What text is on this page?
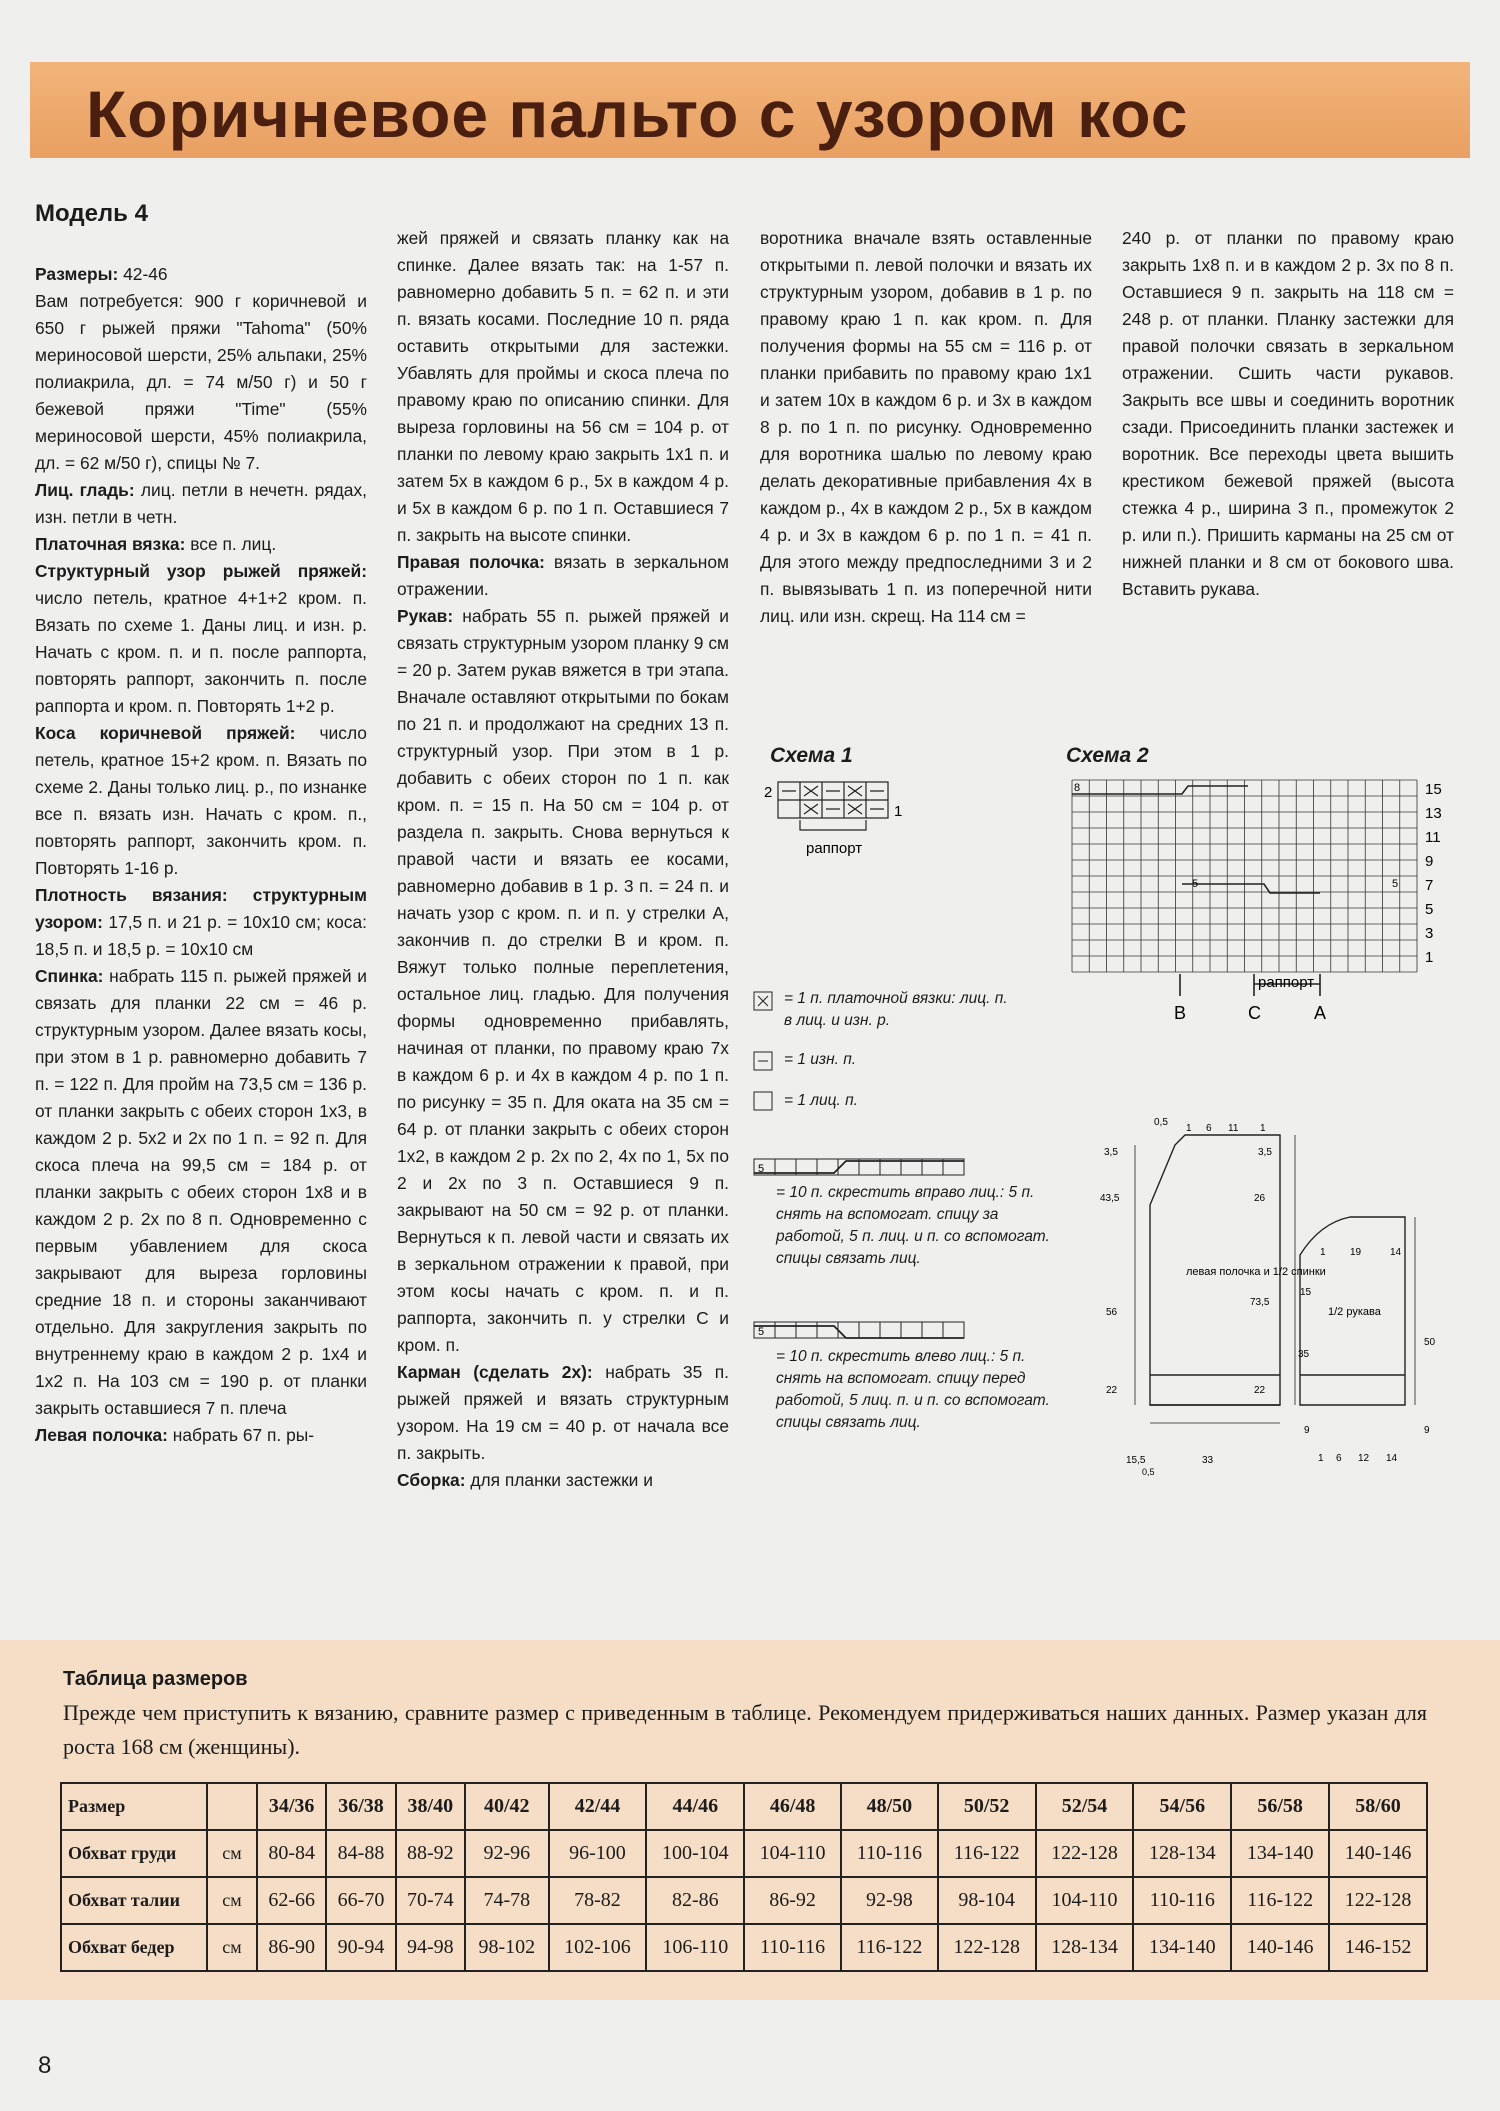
Коричневое пальто с узором кос

Модель 4

Размеры: 42-46

Вам потребуется: 900 г коричневой и 650 г рыжей пряжи "Tahoma" (50% мериносовой шерсти, 25% альпаки, 25% полиакрила, дл. = 74 м/50 г) и 50 г бежевой пряжи "Time" (55% мериносовой шерсти, 45% полиакрила, дл. = 62 м/50 г), спицы № 7.

Лиц. гладь: лиц. петли в нечетн. рядах, изн. петли в четн.

Платочная вязка: все п. лиц.

Структурный узор рыжей пряжей: число петель, кратное 4+1+2 кром. п. Вязать по схеме 1. Даны лиц. и изн. р. Начать с кром. п. и п. после раппорта, повторять раппорт, закончить п. после раппорта и кром. п. Повторять 1+2 р.

Коса коричневой пряжей: число петель, кратное 15+2 кром. п. Вязать по схеме 2. Даны только лиц. р., по изнанке все п. вязать изн. Начать с кром. п., повторять раппорт, закончить кром. п. Повторять 1-16 р.

Плотность вязания: структурным узором: 17,5 п. и 21 р. = 10x10 см; коса: 18,5 п. и 18,5 р. = 10x10 см

Спинка: набрать 115 п. рыжей пряжей и связать для планки 22 см = 46 р. структурным узором. Далее вязать косы, при этом в 1 р. равномерно добавить 7 п. = 122 п. Для пройм на 73,5 см = 136 р. от планки закрыть с обеих сторон 1x3, в каждом 2 р. 5x2 и 2x по 1 п. = 92 п. Для скоса плеча на 99,5 см = 184 р. от планки закрыть с обеих сторон 1x8 и в каждом 2 р. 2x по 8 п. Одновременно с первым убавлением для скоса закрывают для выреза горловины средние 18 п. и стороны заканчивают отдельно. Для закругления закрыть по внутреннему краю в каждом 2 р. 1x4 и 1x2 п. На 103 см = 190 р. от планки закрыть оставшиеся 7 п. плеча

Левая полочка: набрать 67 п. ры-

жей пряжей и связать планку как на спинке. Далее вязать так: на 1-57 п. равномерно добавить 5 п. = 62 п. и эти п. вязать косами. Последние 10 п. ряда оставить открытыми для застежки. Убавлять для проймы и скоса плеча по правому краю по описанию спинки. Для выреза горловины на 56 см = 104 р. от планки по левому краю закрыть 1x1 п. и затем 5x в каждом 6 р., 5x в каждом 4 р. и 5x в каждом 6 р. по 1 п. Оставшиеся 7 п. закрыть на высоте спинки.

Правая полочка: вязать в зеркальном отражении.

Рукав: набрать 55 п. рыжей пряжей и связать структурным узором планку 9 см = 20 р. Затем рукав вяжется в три этапа. Вначале оставляют открытыми по бокам по 21 п. и продолжают на средних 13 п. структурный узор. При этом в 1 р. добавить с обеих сторон по 1 п. как кром. п. = 15 п. На 50 см = 104 р. от раздела п. закрыть. Снова вернуться к правой части и вязать ее косами, равномерно добавив в 1 р. 3 п. = 24 п. и начать узор с кром. п. и п. у стрелки А, закончив п. до стрелки В и кром. п. Вяжут только полные переплетения, остальное лиц. гладью. Для получения формы одновременно прибавлять, начиная от планки, по правому краю 7x в каждом 6 р. и 4x в каждом 4 р. по 1 п. по рисунку = 35 п. Для оката на 35 см = 64 р. от планки закрыть с обеих сторон 1x2, в каждом 2 р. 2x по 2, 4x по 1, 5x по 2 и 2x по 3 п. Оставшиеся 9 п. закрывают на 50 см = 92 р. от планки. Вернуться к п. левой части и связать их в зеркальном отражении к правой, при этом косы начать с кром. п. и п. раппорта, закончить п. у стрелки С и кром. п.

Карман (сделать 2x): набрать 35 п. рыжей пряжей и вязать структурным узором. На 19 см = 40 р. от начала все п. закрыть.

Сборка: для планки застежки и

воротника вначале взять оставленные открытыми п. левой полочки и вязать их структурным узором, добавив в 1 р. по правому краю 1 п. как кром. п. Для получения формы на 55 см = 116 р. от планки прибавить по правому краю 1x1 и затем 10x в каждом 6 р. и 3x в каждом 8 р. по 1 п. по рисунку. Одновременно для воротника шалью по левому краю делать декоративные прибавления 4x в каждом р., 4x в каждом 2 р., 5x в каждом 4 р. и 3x в каждом 6 р. по 1 п. = 41 п. Для этого между предпоследними 3 и 2 п. вывязывать 1 п. из поперечной нити лиц. или изн. скрещ. На 114 см =

240 р. от планки по правому краю закрыть 1x8 п. и в каждом 2 р. 3x по 8 п. Оставшиеся 9 п. закрыть на 118 см = 248 р. от планки. Планку застежки для правой полочки связать в зеркальном отражении. Сшить части рукавов. Закрыть все швы и соединить воротник сзади. Присоединить планки застежек и воротник. Все переходы цвета вышить крестиком бежевой пряжей (высота стежка 4 р., ширина 3 п., промежуток 2 р. или п.). Пришить карманы на 25 см от нижней планки и 8 см от бокового шва. Вставить рукава.

Схема 1
2
1
раппорт
Схема 2
8
5	5
15
13
11
9
7
5
3
1
раппорт
B	C	A
= 1 п. платочной вязки: лиц. п. в лиц. и изн. р.
= 1 изн. п.
= 1 лиц. п.
5
= 10 п. скрестить вправо лиц.: 5 п. снять на вспомогат. спицу за работой, 5 п. лиц. и п. со вспомогат. спицы связать лиц.
5
= 10 п. скрестить влево лиц.: 5 п. снять на вспомогат. спицу перед работой, 5 лиц. п. и п. со вспомогат. спицы связать лиц.
левая полочка и 1/2 спинки
1/2 рукава
0,5
1 6 11 1
3,5
43,5
56
22
3,5
26
73,5
22
15,5
0,5
33
1 19	14
15
35
9
50
9
1 6 12 14
Таблица размеров
Прежде чем приступить к вязанию, сравните размер с приведенным в таблице. Рекомендуем придерживаться наших данных. Размер указан для роста 168 см (женщины).
Размер		34/36	36/38	38/40	40/42	42/44	44/46	46/48	48/50	50/52	52/54	54/56	56/58	58/60
Обхват груди	см	80-84	84-88	88-92	92-96	96-100	100-104	104-110	110-116	116-122	122-128	128-134	134-140	140-146
Обхват талии	см	62-66	66-70	70-74	74-78	78-82	82-86	86-92	92-98	98-104	104-110	110-116	116-122	122-128
Обхват бедер	см	86-90	90-94	94-98	98-102	102-106	106-110	110-116	116-122	122-128	128-134	134-140	140-146	146-152
8
